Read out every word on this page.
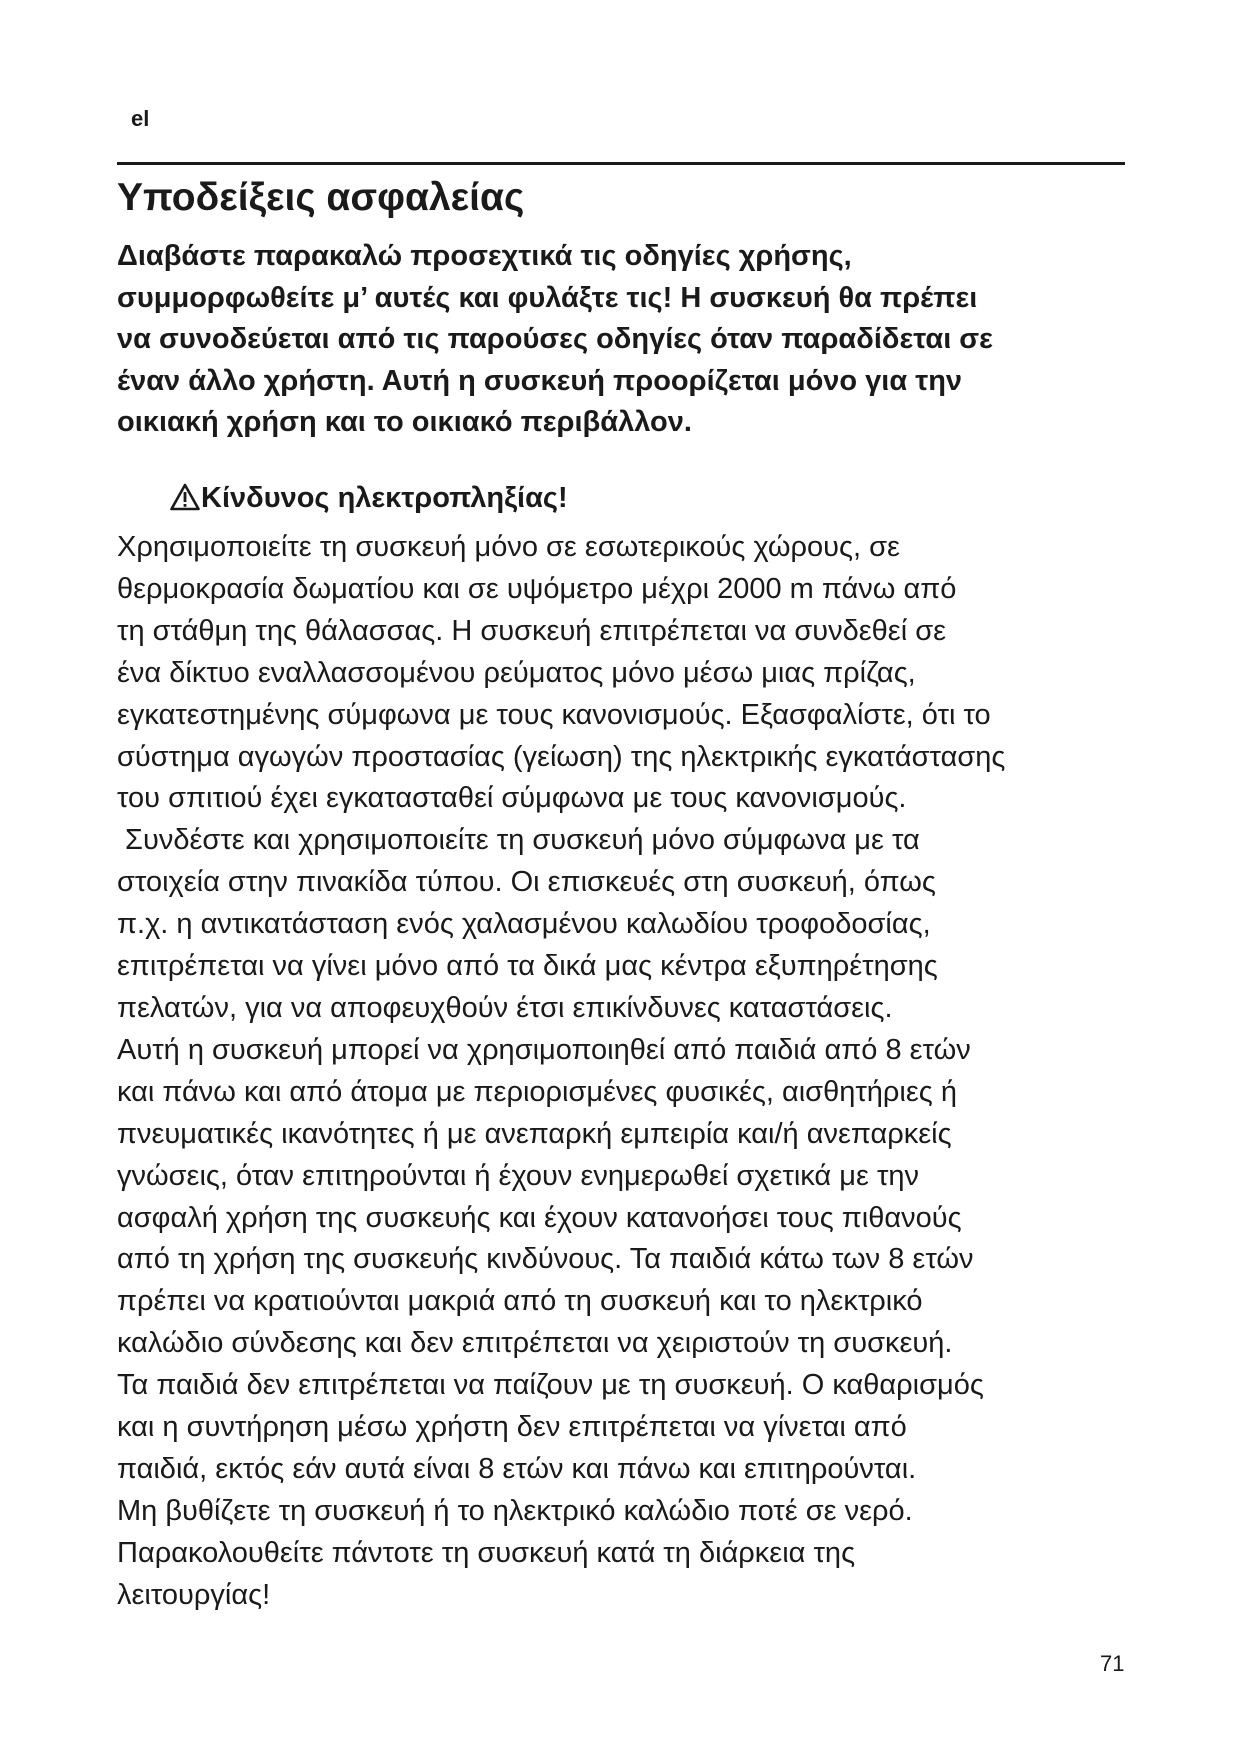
el
Υποδείξεις ασφαλείας
Διαβάστε παρακαλώ προσεχτικά τις οδηγίες χρήσης,
συμμορφωθείτε μ’ αυτές και φυλάξτε τις! Η συσκευή θα πρέπει
να συνοδεύεται από τις παρούσες οδηγίες όταν παραδίδεται σε
έναν άλλο χρήστη. Αυτή η συσκευή προορίζεται μόνο για την
οικιακή χρήση και το οικιακό περιβάλλον.
Κίνδυνος ηλεκτροπληξίας!
Χρησιμοποιείτε τη συσκευή μόνο σε εσωτερικούς χώρους, σε
θερμοκρασία δωματίου και σε υψόμετρο μέχρι 2000 m πάνω από
τη στάθμη της θάλασσας. Η συσκευή επιτρέπεται να συνδεθεί σε
ένα δίκτυο εναλλασσομένου ρεύματος μόνο μέσω μιας πρίζας,
εγκατεστημένης σύμφωνα με τους κανονισμούς. Εξασφαλίστε, ότι το
σύστημα αγωγών προστασίας (γείωση) της ηλεκτρικής εγκατάστασης
του σπιτιού έχει εγκατασταθεί σύμφωνα με τους κανονισμούς.
Συνδέστε και χρησιμοποιείτε τη συσκευή μόνο σύμφωνα με τα
στοιχεία στην πινακίδα τύπου. Οι επισκευές στη συσκευή, όπως
π.χ. η αντικατάσταση ενός χαλασμένου καλωδίου τροφοδοσίας,
επιτρέπεται να γίνει μόνο από τα δικά μας κέντρα εξυπηρέτησης
πελατών, για να αποφευχθούν έτσι επικίνδυνες καταστάσεις.
Αυτή η συσκευή μπορεί να χρησιμοποιηθεί από παιδιά από 8 ετών
και πάνω και από άτομα με περιορισμένες φυσικές, αισθητήριες ή
πνευματικές ικανότητες ή με ανεπαρκή εμπειρία και/ή ανεπαρκείς
γνώσεις, όταν επιτηρούνται ή έχουν ενημερωθεί σχετικά με την
ασφαλή χρήση της συσκευής και έχουν κατανοήσει τους πιθανούς
από τη χρήση της συσκευής κινδύνους. Τα παιδιά κάτω των 8 ετών
πρέπει να κρατιούνται μακριά από τη συσκευή και το ηλεκτρικό
καλώδιο σύνδεσης και δεν επιτρέπεται να χειριστούν τη συσκευή.
Τα παιδιά δεν επιτρέπεται να παίζουν με τη συσκευή. Ο καθαρισμός
και η συντήρηση μέσω χρήστη δεν επιτρέπεται να γίνεται από
παιδιά, εκτός εάν αυτά είναι 8 ετών και πάνω και επιτηρούνται.
Μη βυθίζετε τη συσκευή ή το ηλεκτρικό καλώδιο ποτέ σε νερό.
Παρακολουθείτε πάντοτε τη συσκευή κατά τη διάρκεια της
λειτουργίας!
71
